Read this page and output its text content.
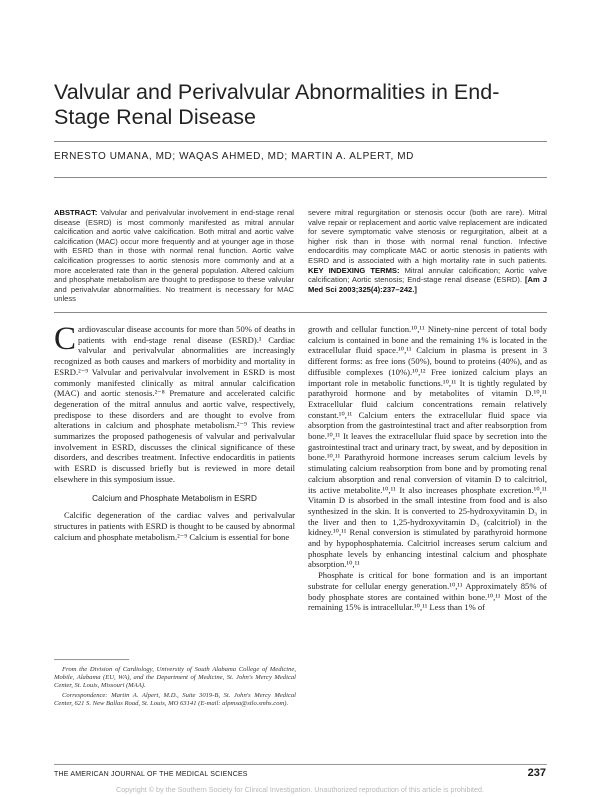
Valvular and Perivalvular Abnormalities in End-Stage Renal Disease
ERNESTO UMANA, MD; WAQAS AHMED, MD; MARTIN A. ALPERT, MD
ABSTRACT: Valvular and perivalvular involvement in end-stage renal disease (ESRD) is most commonly manifested as mitral annular calcification and aortic valve calcification. Both mitral and aortic valve calcification (MAC) occur more frequently and at younger age in those with ESRD than in those with normal renal function. Aortic valve calcification progresses to aortic stenosis more commonly and at a more accelerated rate than in the general population. Altered calcium and phosphate metabolism are thought to predispose to these valvular and perivalvular abnormalities. No treatment is necessary for MAC unless
severe mitral regurgitation or stenosis occur (both are rare). Mitral valve repair or replacement and aortic valve replacement are indicated for severe symptomatic valve stenosis or regurgitation, albeit at a higher risk than in those with normal renal function. Infective endocarditis may complicate MAC or aortic stenosis in patients with ESRD and is associated with a high mortality rate in such patients. KEY INDEXING TERMS: Mitral annular calcification; Aortic valve calcification; Aortic stenosis; End-stage renal disease (ESRD). [Am J Med Sci 2003;325(4):237–242.]

Cardiovascular disease accounts for more than 50% of deaths in patients with end-stage renal disease (ESRD).¹ Cardiac valvular and perivalvular abnormalities are increasingly recognized as both causes and markers of morbidity and mortality in ESRD.²⁻⁹ Valvular and perivalvular involvement in ESRD is most commonly manifested clinically as mitral annular calcification (MAC) and aortic stenosis.²⁻⁸ Premature and accelerated calcific degeneration of the mitral annulus and aortic valve, respectively, predispose to these disorders and are thought to evolve from alterations in calcium and phosphate metabolism.²⁻⁹ This review summarizes the proposed pathogenesis of valvular and perivalvular involvement in ESRD, discusses the clinical significance of these disorders, and describes treatment. Infective endocarditis in patients with ESRD is discussed briefly but is reviewed in more detail elsewhere in this symposium issue.

Calcium and Phosphate Metabolism in ESRD

Calcific degeneration of the cardiac valves and perivalvular structures in patients with ESRD is thought to be caused by abnormal calcium and phosphate metabolism.²⁻⁹ Calcium is essential for bone

growth and cellular function.¹⁰,¹¹ Ninety-nine percent of total body calcium is contained in bone and the remaining 1% is located in the extracellular fluid space.¹⁰,¹¹ Calcium in plasma is present in 3 different forms: as free ions (50%), bound to proteins (40%), and as diffusible complexes (10%).¹⁰,¹² Free ionized calcium plays an important role in metabolic functions.¹⁰,¹¹ It is tightly regulated by parathyroid hormone and by metabolites of vitamin D.¹⁰,¹¹ Extracellular fluid calcium concentrations remain relatively constant.¹⁰,¹¹ Calcium enters the extracellular fluid space via absorption from the gastrointestinal tract and after reabsorption from bone.¹⁰,¹¹ It leaves the extracellular fluid space by secretion into the gastrointestinal tract and urinary tract, by sweat, and by deposition in bone.¹⁰,¹¹ Parathyroid hormone increases serum calcium levels by stimulating calcium reabsorption from bone and by promoting renal calcium absorption and renal conversion of vitamin D to calcitriol, its active metabolite.¹⁰,¹¹ It also increases phosphate excretion.¹⁰,¹¹ Vitamin D is absorbed in the small intestine from food and is also synthesized in the skin. It is converted to 25-hydroxyvitamin D₃ in the liver and then to 1,25-hydroxyvitamin D₃ (calcitriol) in the kidney.¹⁰,¹¹ Renal conversion is stimulated by parathyroid hormone and by hypophosphatemia. Calcitriol increases serum calcium and phosphate levels by enhancing intestinal calcium and phosphate absorption.¹⁰,¹¹

Phosphate is critical for bone formation and is an important substrate for cellular energy generation.¹⁰,¹¹ Approximately 85% of body phosphate stores are contained within bone.¹⁰,¹¹ Most of the remaining 15% is intracellular.¹⁰,¹¹ Less than 1% of

From the Division of Cardiology, University of South Alabama College of Medicine, Mobile, Alabama (EU, WA), and the Department of Medicine, St. John's Mercy Medical Center, St. Louis, Missouri (MAA).

Correspondence: Martin A. Alpert, M.D., Suite 3019-B, St. John's Mercy Medical Center, 621 S. New Ballas Road, St. Louis, MO 63141 (E-mail: alpmsa@stlo.smhs.com).

THE AMERICAN JOURNAL OF THE MEDICAL SCIENCES	237
Copyright © by the Southern Society for Clinical Investigation. Unauthorized reproduction of this article is prohibited.
